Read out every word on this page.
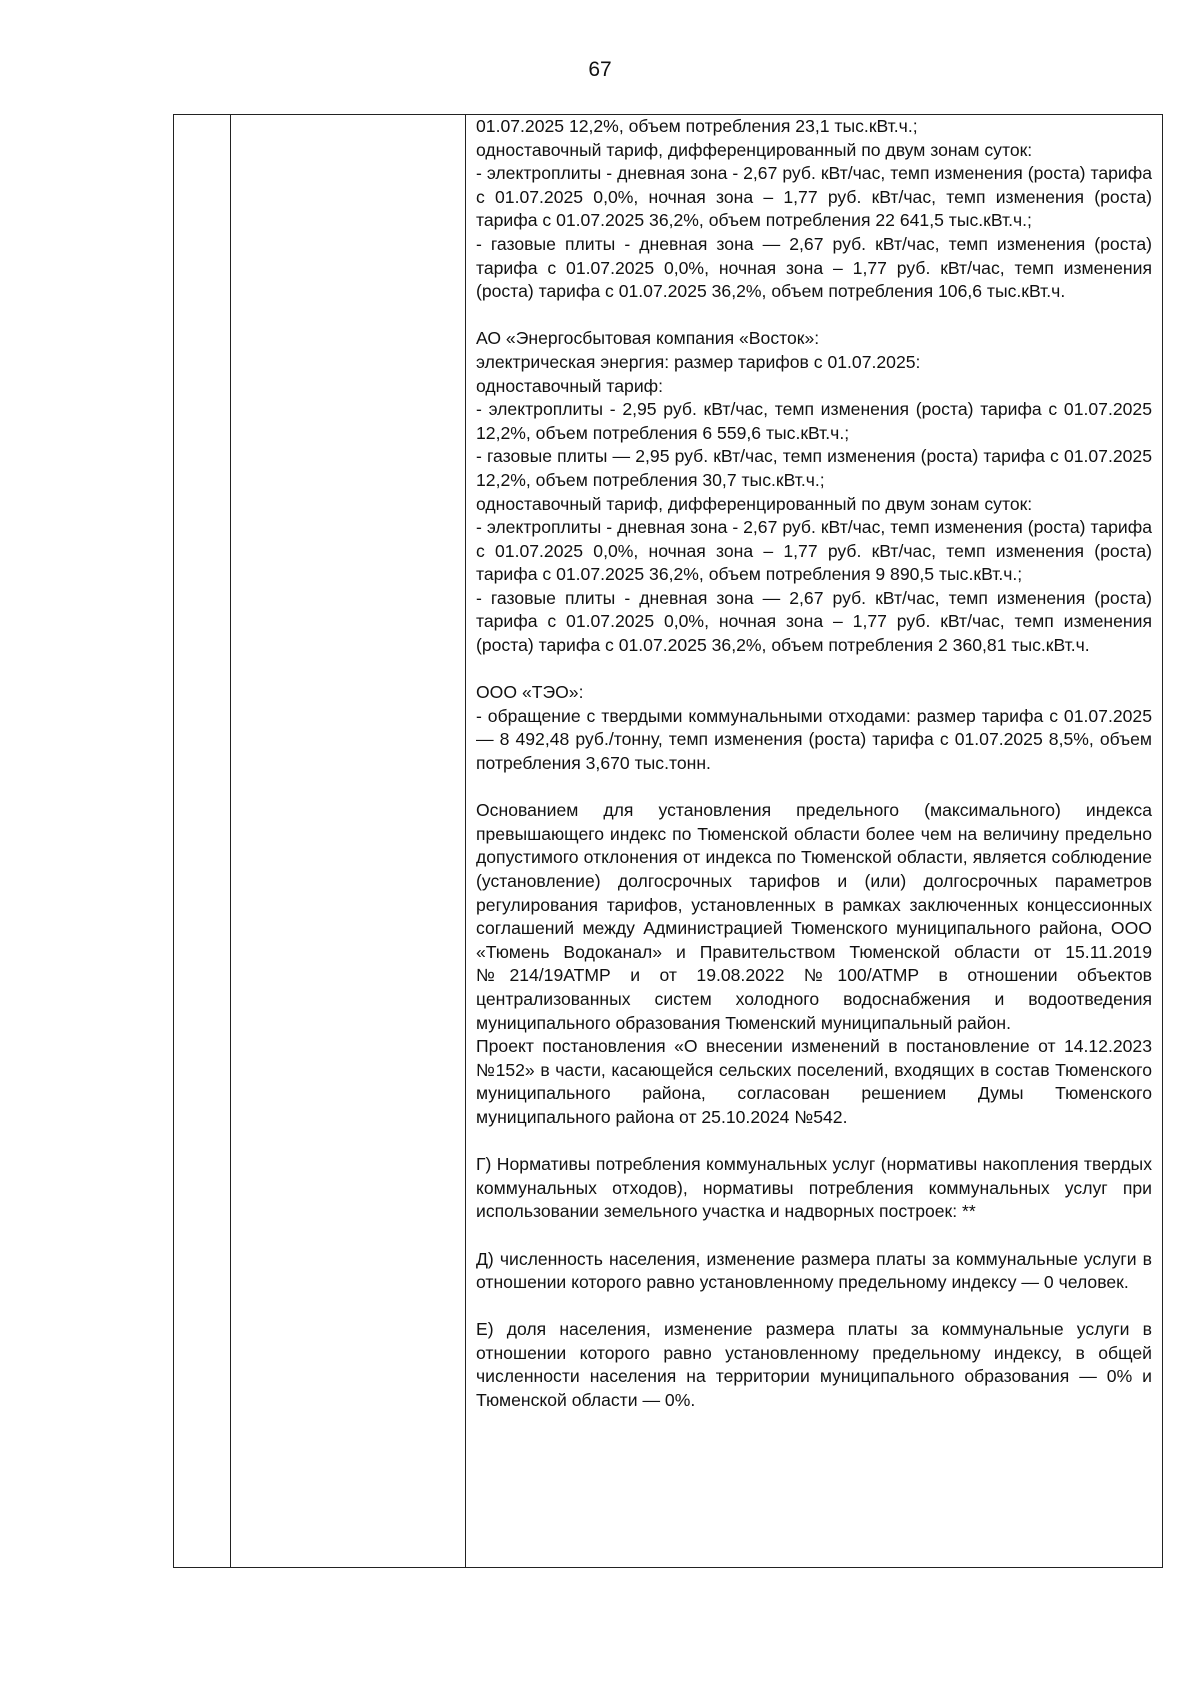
67
01.07.2025 12,2%, объем потребления 23,1 тыс.кВт.ч.;
одноставочный тариф, дифференцированный по двум зонам суток:
- электроплиты - дневная зона - 2,67 руб. кВт/час, темп изменения (роста) тарифа с 01.07.2025 0,0%, ночная зона – 1,77 руб. кВт/час, темп изменения (роста) тарифа с 01.07.2025 36,2%, объем потребления 22 641,5 тыс.кВт.ч.;
- газовые плиты - дневная зона — 2,67 руб. кВт/час, темп изменения (роста) тарифа с 01.07.2025 0,0%, ночная зона – 1,77 руб. кВт/час, темп изменения (роста) тарифа с 01.07.2025 36,2%, объем потребления 106,6 тыс.кВт.ч.
АО «Энергосбытовая компания «Восток»:
электрическая энергия: размер тарифов с 01.07.2025:
одноставочный тариф:
- электроплиты - 2,95 руб. кВт/час, темп изменения (роста) тарифа с 01.07.2025 12,2%, объем потребления 6 559,6 тыс.кВт.ч.;
- газовые плиты — 2,95 руб. кВт/час, темп изменения (роста) тарифа с 01.07.2025 12,2%, объем потребления 30,7 тыс.кВт.ч.;
одноставочный тариф, дифференцированный по двум зонам суток:
- электроплиты - дневная зона - 2,67 руб. кВт/час, темп изменения (роста) тарифа с 01.07.2025 0,0%, ночная зона – 1,77 руб. кВт/час, темп изменения (роста) тарифа с 01.07.2025 36,2%, объем потребления 9 890,5 тыс.кВт.ч.;
- газовые плиты - дневная зона — 2,67 руб. кВт/час, темп изменения (роста) тарифа с 01.07.2025 0,0%, ночная зона – 1,77 руб. кВт/час, темп изменения (роста) тарифа с 01.07.2025 36,2%, объем потребления 2 360,81 тыс.кВт.ч.
ООО «ТЭО»:
- обращение с твердыми коммунальными отходами: размер тарифа с 01.07.2025 — 8 492,48 руб./тонну, темп изменения (роста) тарифа с 01.07.2025 8,5%, объем потребления 3,670 тыс.тонн.
Основанием для установления предельного (максимального) индекса превышающего индекс по Тюменской области более чем на величину предельно допустимого отклонения от индекса по Тюменской области, является соблюдение (установление) долгосрочных тарифов и (или) долгосрочных параметров регулирования тарифов, установленных в рамках заключенных концессионных соглашений между Администрацией Тюменского муниципального района, ООО «Тюмень Водоканал» и Правительством Тюменской области от 15.11.2019 №214/19АТМР и от 19.08.2022 №100/АТМР в отношении объектов централизованных систем холодного водоснабжения и водоотведения муниципального образования Тюменский муниципальный район.
Проект постановления «О внесении изменений в постановление от 14.12.2023 №152» в части, касающейся сельских поселений, входящих в состав Тюменского муниципального района, согласован решением Думы Тюменского муниципального района от 25.10.2024 №542.
Г) Нормативы потребления коммунальных услуг (нормативы накопления твердых коммунальных отходов), нормативы потребления коммунальных услуг при использовании земельного участка и надворных построек: **
Д) численность населения, изменение размера платы за коммунальные услуги в отношении которого равно установленному предельному индексу — 0 человек.
Е) доля населения, изменение размера платы за коммунальные услуги в отношении которого равно установленному предельному индексу, в общей численности населения на территории муниципального образования — 0% и Тюменской области — 0%.
